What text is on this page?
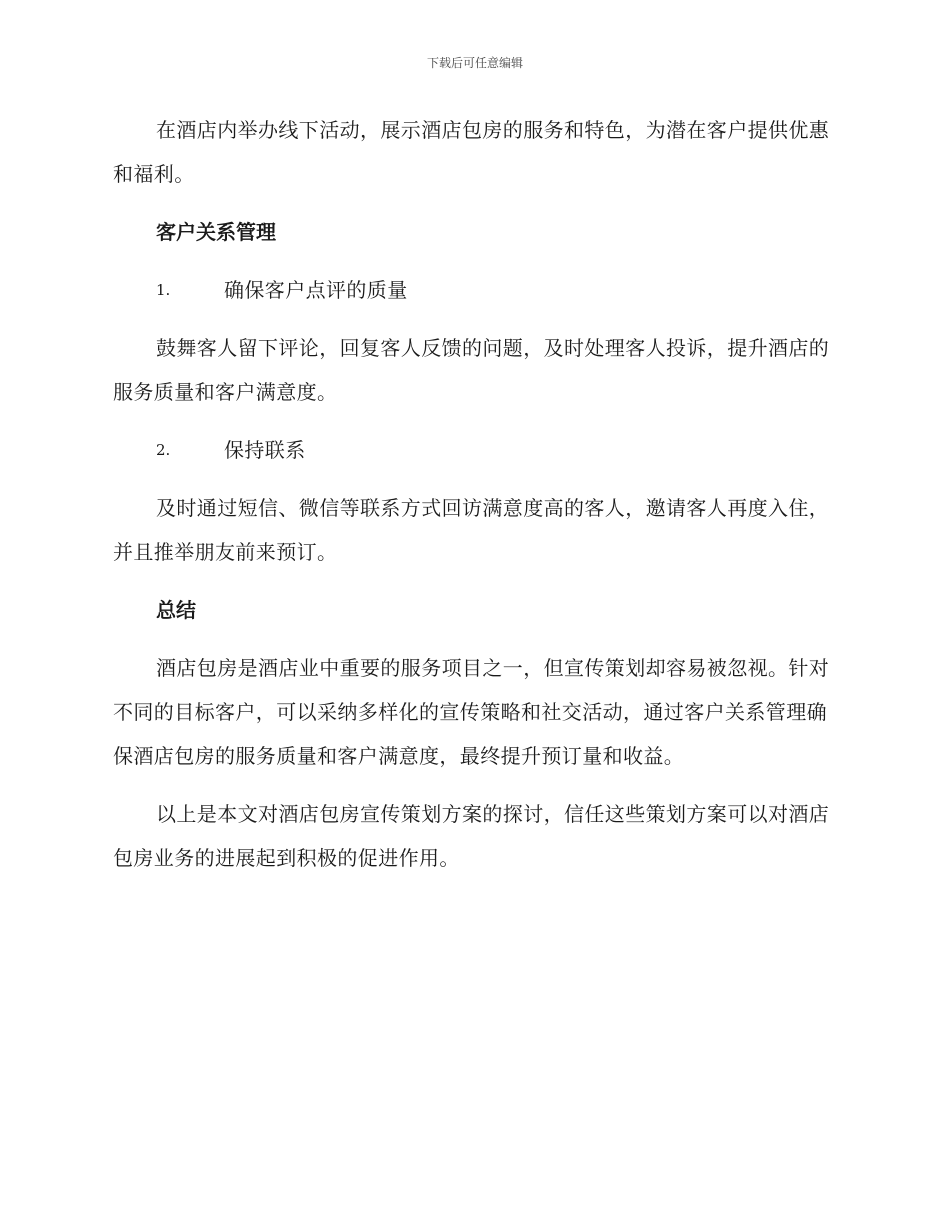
下载后可任意编辑

在酒店内举办线下活动，展示酒店包房的服务和特色，为潜在客户提供优惠和福利。

客户关系管理
1.	确保客户点评的质量

鼓舞客人留下评论，回复客人反馈的问题，及时处理客人投诉，提升酒店的服务质量和客户满意度。

2.	保持联系

及时通过短信、微信等联系方式回访满意度高的客人，邀请客人再度入住，并且推举朋友前来预订。

总结

酒店包房是酒店业中重要的服务项目之一，但宣传策划却容易被忽视。针对不同的目标客户，可以采纳多样化的宣传策略和社交活动，通过客户关系管理确保酒店包房的服务质量和客户满意度，最终提升预订量和收益。

以上是本文对酒店包房宣传策划方案的探讨，信任这些策划方案可以对酒店包房业务的进展起到积极的促进作用。
